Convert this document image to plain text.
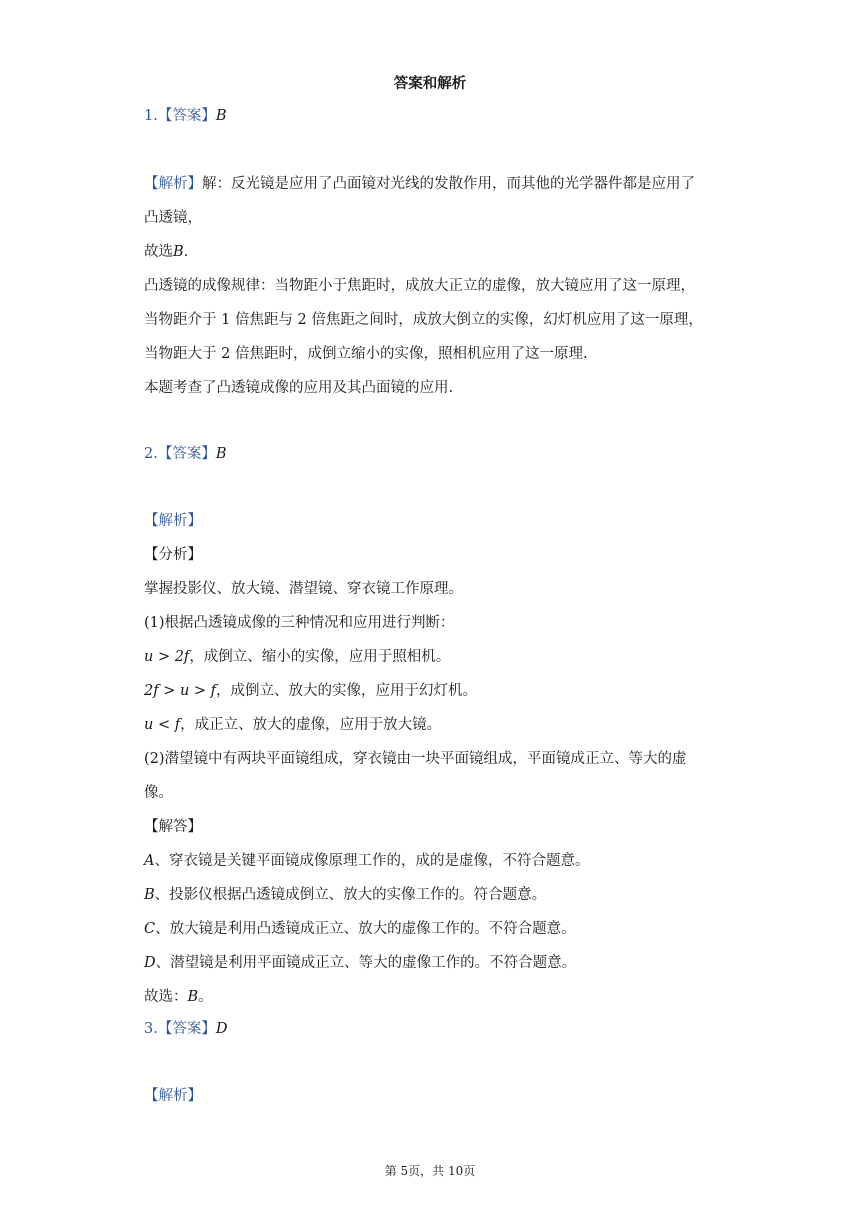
答案和解析
1.【答案】B
【解析】解：反光镜是应用了凸面镜对光线的发散作用，而其他的光学器件都是应用了
凸透镜，
故选B.
凸透镜的成像规律：当物距小于焦距时，成放大正立的虚像，放大镜应用了这一原理，
当物距介于 1 倍焦距与 2 倍焦距之间时，成放大倒立的实像，幻灯机应用了这一原理，
当物距大于 2 倍焦距时，成倒立缩小的实像，照相机应用了这一原理.
本题考查了凸透镜成像的应用及其凸面镜的应用.
2.【答案】B
【解析】
【分析】
掌握投影仪、放大镜、潜望镜、穿衣镜工作原理。
(1)根据凸透镜成像的三种情况和应用进行判断：
u > 2f，成倒立、缩小的实像，应用于照相机。
2f > u > f，成倒立、放大的实像，应用于幻灯机。
u < f，成正立、放大的虚像，应用于放大镜。
(2)潜望镜中有两块平面镜组成，穿衣镜由一块平面镜组成，平面镜成正立、等大的虚
像。
【解答】
A、穿衣镜是关键平面镜成像原理工作的，成的是虚像，不符合题意。
B、投影仪根据凸透镜成倒立、放大的实像工作的。符合题意。
C、放大镜是利用凸透镜成正立、放大的虚像工作的。不符合题意。
D、潜望镜是利用平面镜成正立、等大的虚像工作的。不符合题意。
故选：B。
3.【答案】D
【解析】
第 5页，共 10页
